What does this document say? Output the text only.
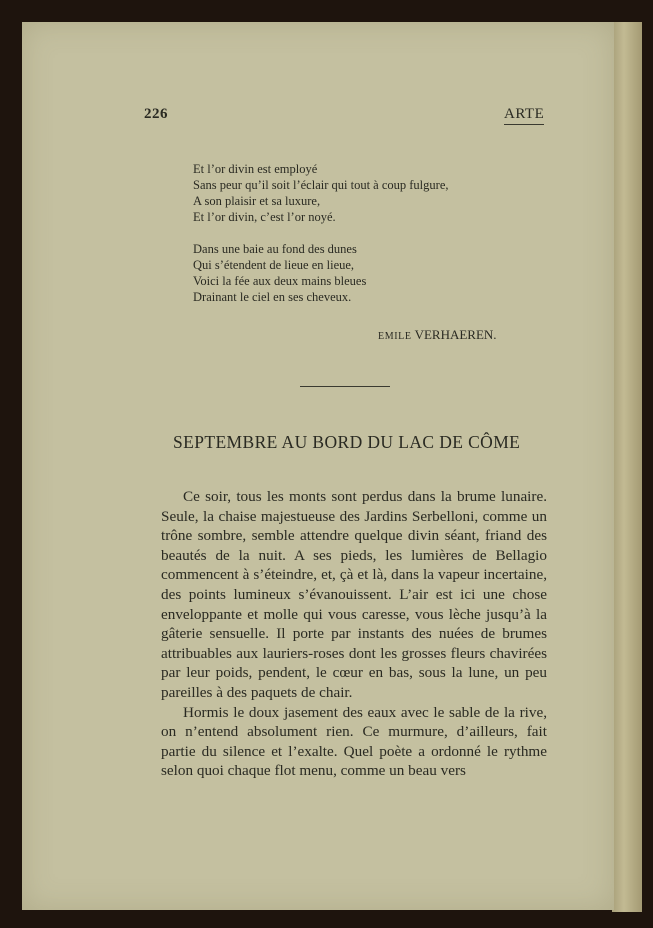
226	ARTE
Et l’or divin est employé
Sans peur qu’il soit l’éclair qui tout à coup fulgure,
A son plaisir et sa luxure,
Et l’or divin, c’est l’or noyé.
Dans une baie au fond des dunes
Qui s’étendent de lieue en lieue,
Voici la fée aux deux mains bleues
Drainant le ciel en ses cheveux.
EMILE VERHAEREN.
SEPTEMBRE AU BORD DU LAC DE CÔME

Ce soir, tous les monts sont perdus dans la brume lunaire. Seule, la chaise majestueuse des Jardins Serbelloni, comme un trône sombre, semble attendre quelque divin séant, friand des beautés de la nuit. A ses pieds, les lumières de Bellagio commencent à s’éteindre, et, çà et là, dans la vapeur incertaine, des points lumineux s’évanouissent. L’air est ici une chose enveloppante et molle qui vous caresse, vous lèche jusqu’à la gâterie sensuelle. Il porte par instants des nuées de brumes attribuables aux lauriers-roses dont les grosses fleurs chavirées par leur poids, pendent, le cœur en bas, sous la lune, un peu pareilles à des paquets de chair.

Hormis le doux jasement des eaux avec le sable de la rive, on n’entend absolument rien. Ce murmure, d’ailleurs, fait partie du silence et l’exalte. Quel poète a ordonné le rythme selon quoi chaque flot menu, comme un beau vers
